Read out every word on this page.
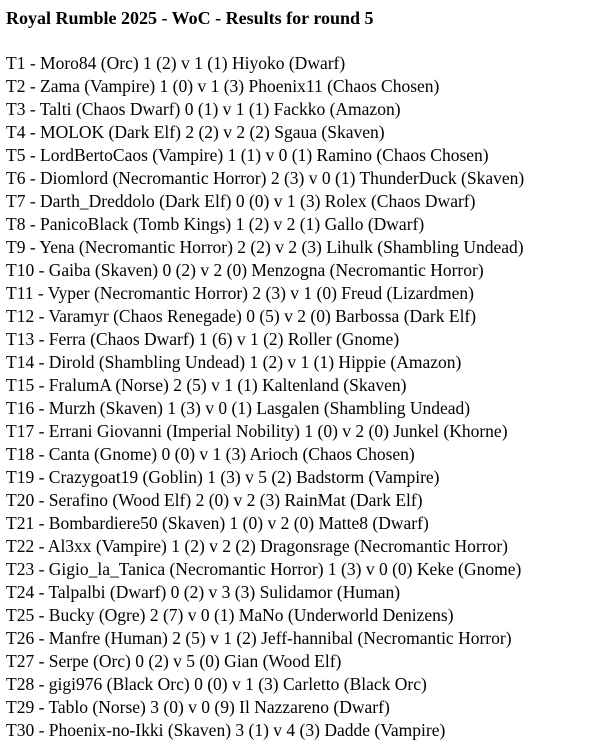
Royal Rumble 2025 - WoC - Results for round 5
T1 - Moro84 (Orc) 1 (2) v 1 (1) Hiyoko (Dwarf)
T2 - Zama (Vampire) 1 (0) v 1 (3) Phoenix11 (Chaos Chosen)
T3 - Talti (Chaos Dwarf) 0 (1) v 1 (1) Fackko (Amazon)
T4 - MOLOK (Dark Elf) 2 (2) v 2 (2) Sgaua (Skaven)
T5 - LordBertoCaos (Vampire) 1 (1) v 0 (1) Ramino (Chaos Chosen)
T6 - Diomlord (Necromantic Horror) 2 (3) v 0 (1) ThunderDuck (Skaven)
T7 - Darth_Dreddolo (Dark Elf) 0 (0) v 1 (3) Rolex (Chaos Dwarf)
T8 - PanicoBlack (Tomb Kings) 1 (2) v 2 (1) Gallo (Dwarf)
T9 - Yena (Necromantic Horror) 2 (2) v 2 (3) Lihulk (Shambling Undead)
T10 - Gaiba (Skaven) 0 (2) v 2 (0) Menzogna (Necromantic Horror)
T11 - Vyper (Necromantic Horror) 2 (3) v 1 (0) Freud (Lizardmen)
T12 - Varamyr (Chaos Renegade) 0 (5) v 2 (0) Barbossa (Dark Elf)
T13 - Ferra (Chaos Dwarf) 1 (6) v 1 (2) Roller (Gnome)
T14 - Dirold (Shambling Undead) 1 (2) v 1 (1) Hippie (Amazon)
T15 - FralumA (Norse) 2 (5) v 1 (1) Kaltenland (Skaven)
T16 - Murzh (Skaven) 1 (3) v 0 (1) Lasgalen (Shambling Undead)
T17 - Errani Giovanni (Imperial Nobility) 1 (0) v 2 (0) Junkel (Khorne)
T18 - Canta (Gnome) 0 (0) v 1 (3) Arioch (Chaos Chosen)
T19 - Crazygoat19 (Goblin) 1 (3) v 5 (2) Badstorm (Vampire)
T20 - Serafino (Wood Elf) 2 (0) v 2 (3) RainMat (Dark Elf)
T21 - Bombardiere50 (Skaven) 1 (0) v 2 (0) Matte8 (Dwarf)
T22 - Al3xx (Vampire) 1 (2) v 2 (2) Dragonsrage (Necromantic Horror)
T23 - Gigio_la_Tanica (Necromantic Horror) 1 (3) v 0 (0) Keke (Gnome)
T24 - Talpalbi (Dwarf) 0 (2) v 3 (3) Sulidamor (Human)
T25 - Bucky (Ogre) 2 (7) v 0 (1) MaNo (Underworld Denizens)
T26 - Manfre (Human) 2 (5) v 1 (2) Jeff-hannibal (Necromantic Horror)
T27 - Serpe (Orc) 0 (2) v 5 (0) Gian (Wood Elf)
T28 - gigi976 (Black Orc) 0 (0) v 1 (3) Carletto (Black Orc)
T29 - Tablo (Norse) 3 (0) v 0 (9) Il Nazzareno (Dwarf)
T30 - Phoenix-no-Ikki (Skaven) 3 (1) v 4 (3) Dadde (Vampire)
